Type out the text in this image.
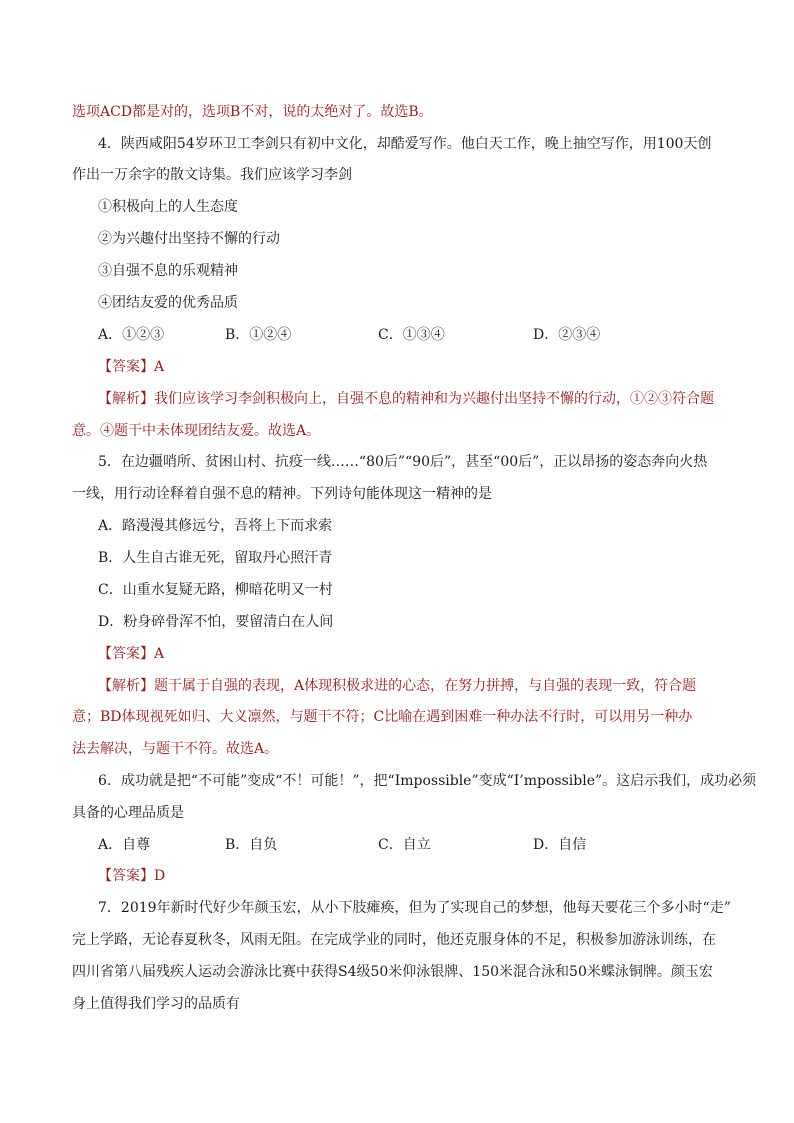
选项ACD都是对的，选项B不对，说的太绝对了。故选B。
4．陕西咸阳54岁环卫工李剑只有初中文化，却酷爱写作。他白天工作，晚上抽空写作，用100天创
作出一万余字的散文诗集。我们应该学习李剑
①积极向上的人生态度
②为兴趣付出坚持不懈的行动
③自强不息的乐观精神
④团结友爱的优秀品质
A．①②③	B．①②④	C．①③④	D．②③④
【答案】A
【解析】我们应该学习李剑积极向上，自强不息的精神和为兴趣付出坚持不懈的行动，①②③符合题
意。④题干中未体现团结友爱。故选A。
5．在边疆哨所、贫困山村、抗疫一线……“80后”“90后”，甚至“00后”，正以昂扬的姿态奔向火热
一线，用行动诠释着自强不息的精神。下列诗句能体现这一精神的是
A．路漫漫其修远兮，吾将上下而求索
B．人生自古谁无死，留取丹心照汗青
C．山重水复疑无路，柳暗花明又一村
D．粉身碎骨浑不怕，要留清白在人间
【答案】A
【解析】题干属于自强的表现，A体现积极求进的心态，在努力拼搏，与自强的表现一致，符合题
意；BD体现视死如归、大义凛然，与题干不符；C比喻在遇到困难一种办法不行时，可以用另一种办
法去解决，与题干不符。故选A。
6．成功就是把“不可能”变成“不！可能！”，把“Impossible”变成“I’mpossible”。这启示我们，成功必须
具备的心理品质是
A．自尊	B．自负	C．自立	D．自信
【答案】D
7．2019年新时代好少年颜玉宏，从小下肢瘫痪，但为了实现自己的梦想，他每天要花三个多小时“走”
完上学路，无论春夏秋冬，风雨无阻。在完成学业的同时，他还克服身体的不足，积极参加游泳训练，在
四川省第八届残疾人运动会游泳比赛中获得S4级50米仰泳银牌、150米混合泳和50米蝶泳铜牌。颜玉宏
身上值得我们学习的品质有
